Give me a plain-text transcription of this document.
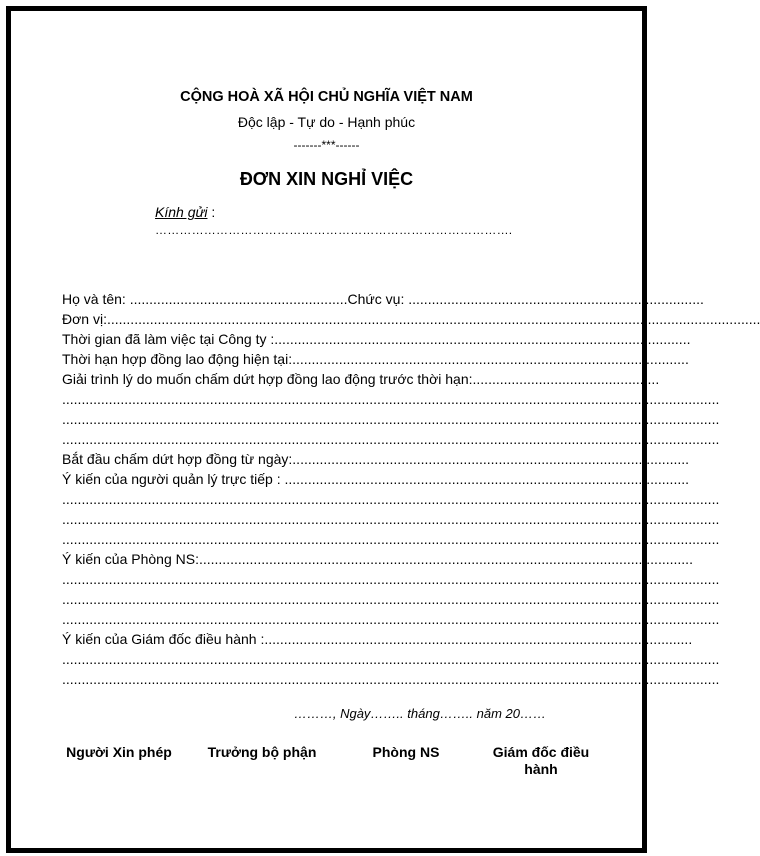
CỘNG HOÀ XÃ HỘI CHỦ NGHĨA VIỆT NAM
Độc lập - Tự do - Hạnh phúc
-------***------
ĐƠN XIN NGHỈ VIỆC
Kính gửi :
…………………………………………………………………………….
Họ và tên: ........................................................Chức vụ: ............................................................................
Đơn vị:........................................................................................................................................................................
Thời gian đã làm việc tại Công ty :...........................................................................................................
Thời hạn hợp đồng lao động hiện tại:......................................................................................................
Giải trình lý do muốn chấm dứt hợp đồng lao động trước thời hạn:................................................
.........................................................................................................................................................................
.........................................................................................................................................................................
.........................................................................................................................................................................
Bắt đầu chấm dứt hợp đồng từ ngày:......................................................................................................
Ý kiến của người quản lý trực tiếp : ........................................................................................................
.........................................................................................................................................................................
.........................................................................................................................................................................
.........................................................................................................................................................................
Ý kiến của Phòng NS:...............................................................................................................................
.........................................................................................................................................................................
.........................................................................................................................................................................
.........................................................................................................................................................................
Ý kiến của Giám đốc điều hành :..............................................................................................................
.........................................................................................................................................................................
.........................................................................................................................................................................
………, Ngày…….. tháng…….. năm 20……
Người Xin phép	Trưởng bộ phận	Phòng NS	Giám đốc điều
hành
